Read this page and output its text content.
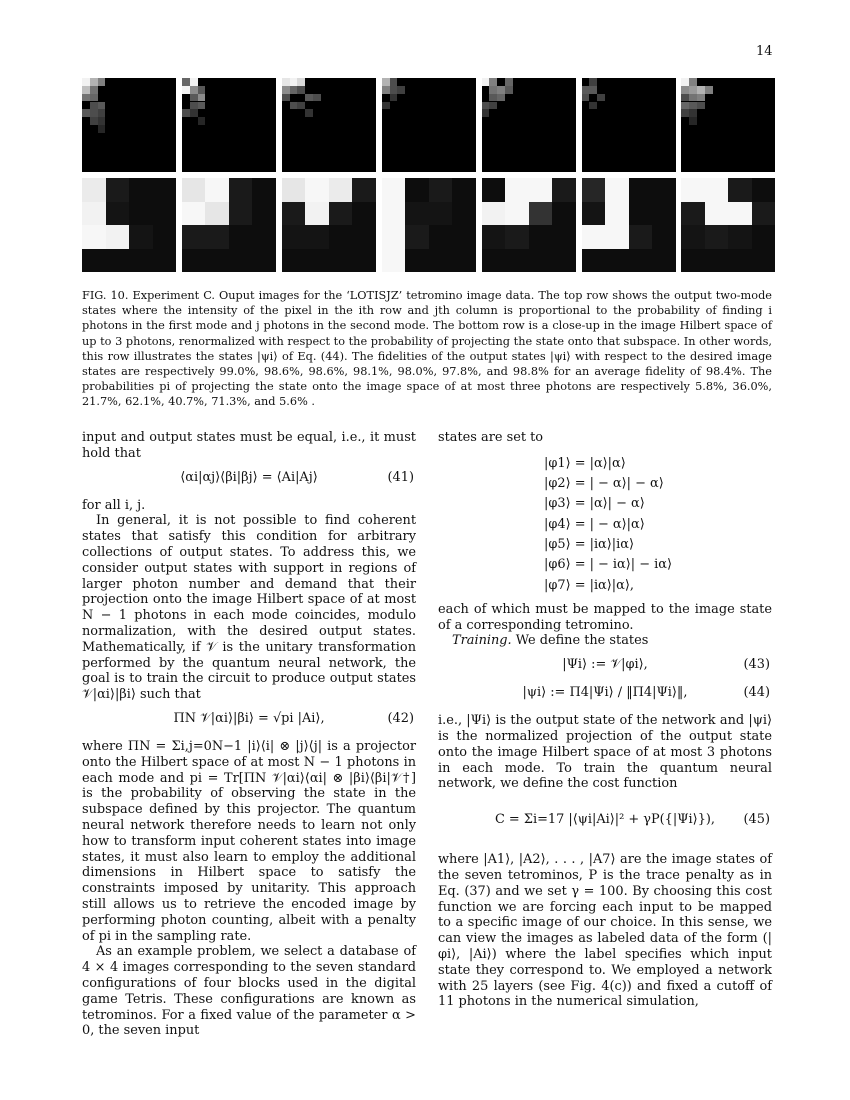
14

FIG. 10. Experiment C. Ouput images for the ‘LOTISJZ’ tetromino image data. The top row shows the output two-mode states where the intensity of the pixel in the ith row and jth column is proportional to the probability of finding i photons in the first mode and j photons in the second mode. The bottom row is a close-up in the image Hilbert space of up to 3 photons, renormalized with respect to the probability of projecting the state onto that subspace. In other words, this row illustrates the states |ψi⟩ of Eq. (44). The fidelities of the output states |ψi⟩ with respect to the desired image states are respectively 99.0%, 98.6%, 98.6%, 98.1%, 98.0%, 97.8%, and 98.8% for an average fidelity of 98.4%. The probabilities pi of projecting the state onto the image space of at most three photons are respectively 5.8%, 36.0%, 21.7%, 62.1%, 40.7%, 71.3%, and 5.6% .

input and output states must be equal, i.e., it must hold that

⟨αi|αj⟩⟨βi|βj⟩ = ⟨Ai|Aj⟩	(41)

for all i, j.

In general, it is not possible to find coherent states that satisfy this condition for arbitrary collections of output states. To address this, we consider output states with support in regions of larger photon number and demand that their projection onto the image Hilbert space of at most N − 1 photons in each mode coincides, modulo normalization, with the desired output states. Mathematically, if 𝒱 is the unitary transformation performed by the quantum neural network, the goal is to train the circuit to produce output states 𝒱|αi⟩|βi⟩ such that

ΠN 𝒱|αi⟩|βi⟩ = √pi |Ai⟩,	(42)

where ΠN = Σi,j=0N−1 |i⟩⟨i| ⊗ |j⟩⟨j| is a projector onto the Hilbert space of at most N − 1 photons in each mode and pi = Tr[ΠN 𝒱|αi⟩⟨αi| ⊗ |βi⟩⟨βi|𝒱†] is the probability of observing the state in the subspace defined by this projector. The quantum neural network therefore needs to learn not only how to transform input coherent states into image states, it must also learn to employ the additional dimensions in Hilbert space to satisfy the constraints imposed by unitarity. This approach still allows us to retrieve the encoded image by performing photon counting, albeit with a penalty of pi in the sampling rate.

As an example problem, we select a database of 4 × 4 images corresponding to the seven standard configurations of four blocks used in the digital game Tetris. These configurations are known as tetrominos. For a fixed value of the parameter α > 0, the seven input

states are set to

|φ1⟩ = |α⟩|α⟩
|φ2⟩ = | − α⟩| − α⟩
|φ3⟩ = |α⟩| − α⟩
|φ4⟩ = | − α⟩|α⟩
|φ5⟩ = |iα⟩|iα⟩
|φ6⟩ = | − iα⟩| − iα⟩
|φ7⟩ = |iα⟩|α⟩,

each of which must be mapped to the image state of a corresponding tetromino.

Training. We define the states

|Ψi⟩ := 𝒱|φi⟩,	(43)
|ψi⟩ := Π4|Ψi⟩ / ‖Π4|Ψi⟩‖,	(44)

i.e., |Ψi⟩ is the output state of the network and |ψi⟩ is the normalized projection of the output state onto the image Hilbert space of at most 3 photons in each mode. To train the quantum neural network, we define the cost function

C = Σi=17 |⟨ψi|Ai⟩|² + γP({|Ψi⟩}),	(45)

where |A1⟩, |A2⟩, . . . , |A7⟩ are the image states of the seven tetrominos, P is the trace penalty as in Eq. (37) and we set γ = 100. By choosing this cost function we are forcing each input to be mapped to a specific image of our choice. In this sense, we can view the images as labeled data of the form (|φi⟩, |Ai⟩) where the label specifies which input state they correspond to. We employed a network with 25 layers (see Fig. 4(c)) and fixed a cutoff of 11 photons in the numerical simulation,
